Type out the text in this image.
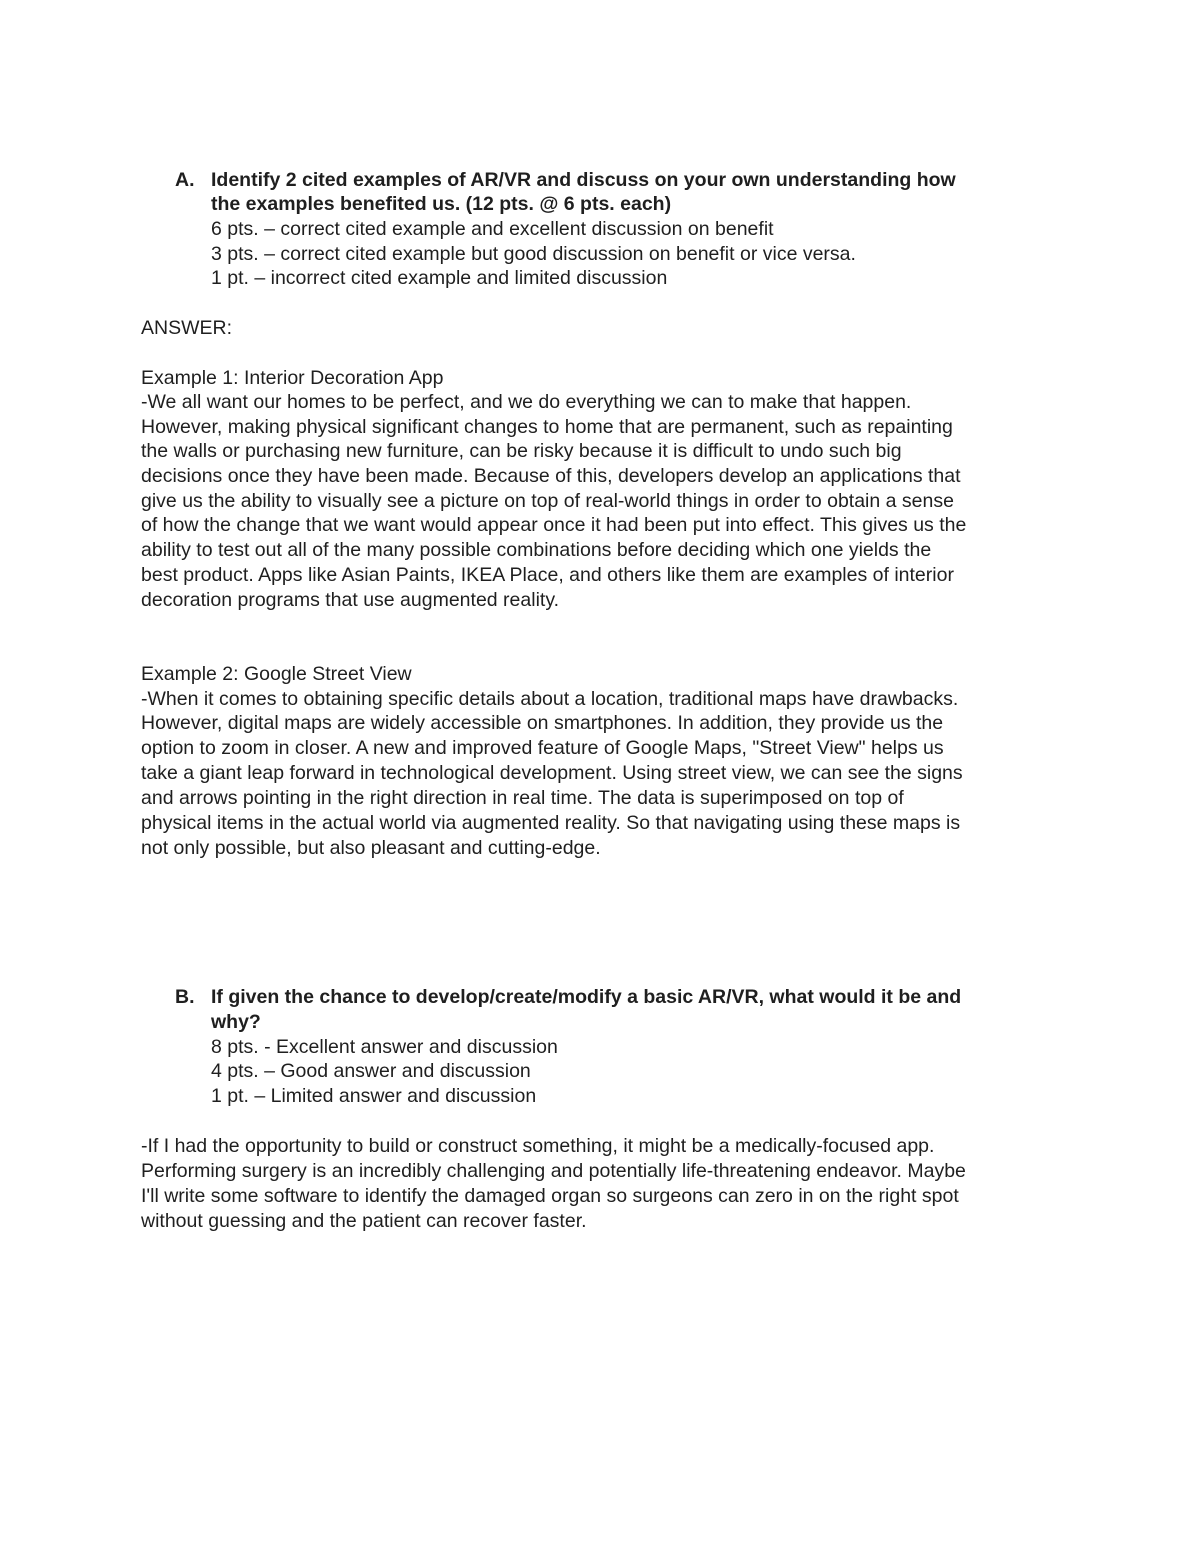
A. Identify 2 cited examples of AR/VR and discuss on your own understanding how

the examples benefited us. (12 pts. @ 6 pts. each)

6 pts. – correct cited example and excellent discussion on benefit

3 pts. – correct cited example but good discussion on benefit or vice versa.

1 pt. – incorrect cited example and limited discussion

ANSWER:

Example 1: Interior Decoration App

-We all want our homes to be perfect, and we do everything we can to make that happen.

However, making physical significant changes to home that are permanent, such as repainting

the walls or purchasing new furniture, can be risky because it is difficult to undo such big

decisions once they have been made. Because of this, developers develop an applications that

give us the ability to visually see a picture on top of real-world things in order to obtain a sense

of how the change that we want would appear once it had been put into effect. This gives us the

ability to test out all of the many possible combinations before deciding which one yields the

best product. Apps like Asian Paints, IKEA Place, and others like them are examples of interior

decoration programs that use augmented reality.

Example 2: Google Street View

-When it comes to obtaining specific details about a location, traditional maps have drawbacks.

However, digital maps are widely accessible on smartphones. In addition, they provide us the

option to zoom in closer. A new and improved feature of Google Maps, "Street View" helps us

take a giant leap forward in technological development. Using street view, we can see the signs

and arrows pointing in the right direction in real time. The data is superimposed on top of

physical items in the actual world via augmented reality. So that navigating using these maps is

not only possible, but also pleasant and cutting-edge.

B. If given the chance to develop/create/modify a basic AR/VR, what would it be and

why?

8 pts. - Excellent answer and discussion

4 pts. – Good answer and discussion

1 pt. – Limited answer and discussion

-If I had the opportunity to build or construct something, it might be a medically-focused app.

Performing surgery is an incredibly challenging and potentially life-threatening endeavor. Maybe

I'll write some software to identify the damaged organ so surgeons can zero in on the right spot

without guessing and the patient can recover faster.
